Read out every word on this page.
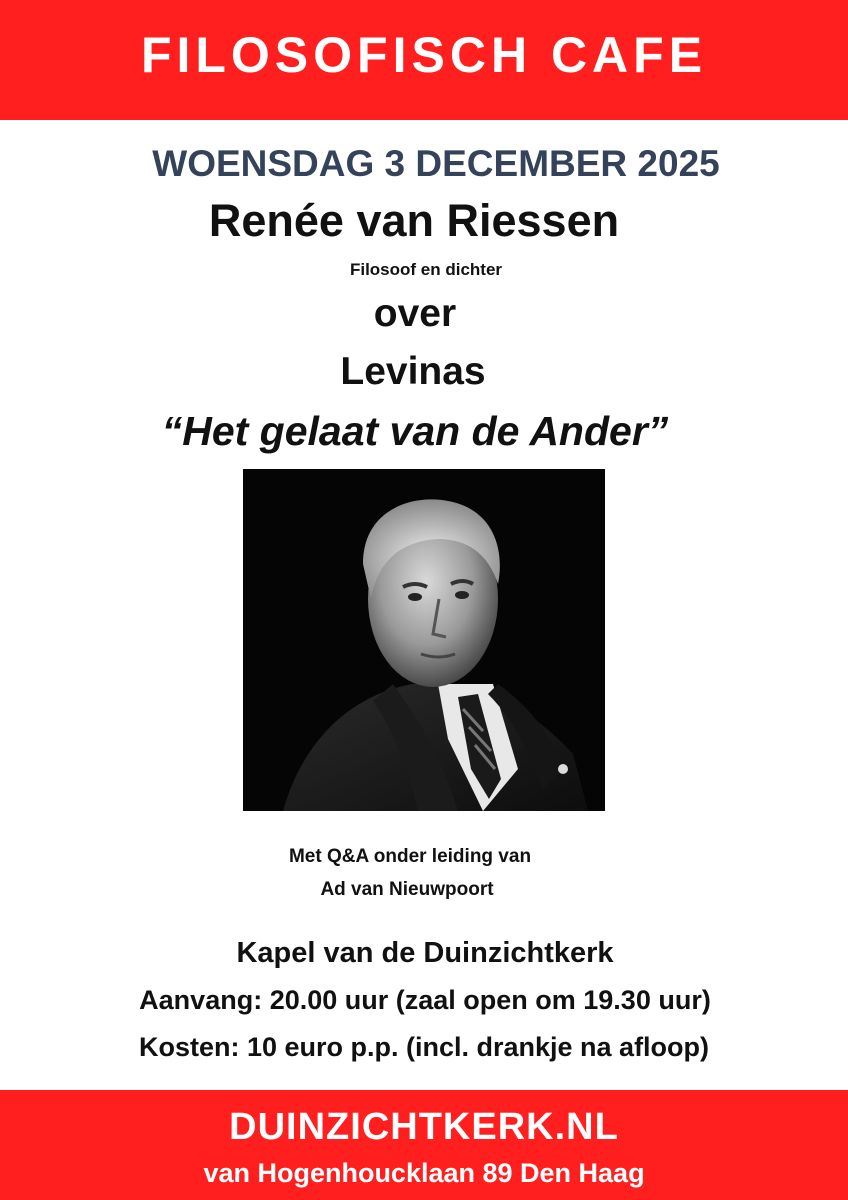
FILOSOFISCH CAFE
WOENSDAG 3 DECEMBER 2025
Renée van Riessen
Filosoof en dichter
over
Levinas
“Het gelaat van de Ander”
Met Q&A onder leiding van
Ad van Nieuwpoort
Kapel van de Duinzichtkerk
Aanvang: 20.00 uur (zaal open om 19.30 uur)
Kosten: 10 euro p.p. (incl. drankje na afloop)
DUINZICHTKERK.NL
van Hogenhoucklaan 89 Den Haag
